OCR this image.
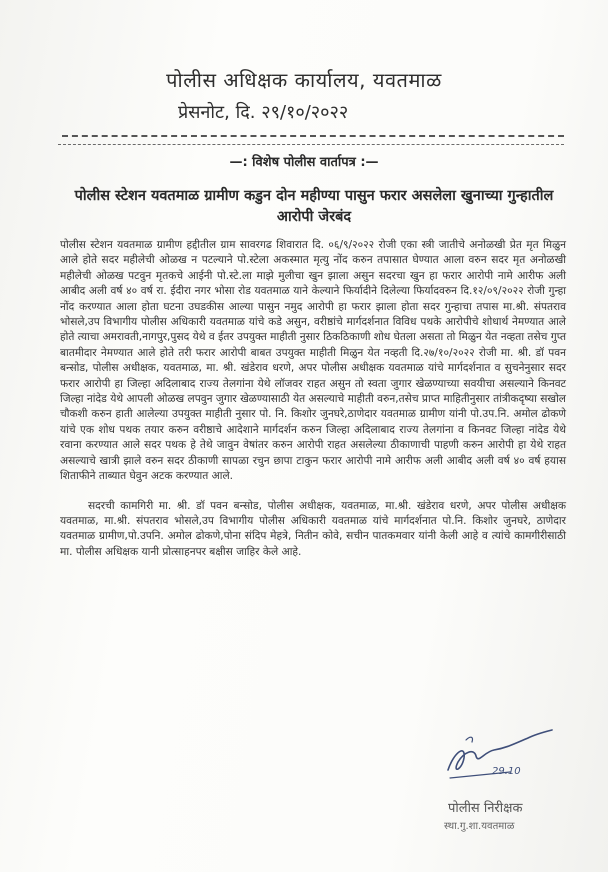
पोलीस अधिक्षक कार्यालय, यवतमाळ
प्रेसनोट, दि. २९/१०/२०२२
—: विशेष पोलीस वार्तापत्र :—
पोलीस स्टेशन यवतमाळ ग्रामीण कडुन दोन महीण्या पासुन फरार असलेला खुनाच्या गुन्हातील आरोपी जेरबंद

पोलीस स्टेशन यवतमाळ ग्रामीण हद्दीतील ग्राम सावरगढ शिवारात दि. ०६/९/२०२२ रोजी एका स्त्री जातीचे अनोळखी प्रेत मृत मिळुन आले होते सदर महीलेची ओळख न पटल्याने पो.स्टेला अकस्मात मृत्यु नोंद करुन तपासात घेण्यात आला वरुन सदर मृत अनोळखी महीलेची ओळख पटवुन मृतकचे आईनी पो.स्टे.ला माझे मुलीचा खुन झाला असुन सदरचा खुन हा फरार आरोपी नामे आरीफ अली आबीद अली वर्ष ४० वर्ष रा. ईदीरा नगर भोसा रोड यवतमाळ याने केल्याने फिर्यादीने दिलेल्या फिर्यादवरुन दि.१२/०९/२०२२ रोजी गुन्हा नोंद करण्यात आला होता घटना उघडकीस आल्या पासुन नमुद आरोपी हा फरार झाला होता सदर गुन्हाचा तपास मा.श्री. संपतराव भोसले,उप विभागीय पोलीस अधिकारी यवतमाळ यांचे कडे असुन, वरीष्ठांचे मार्गदर्शनात विविध पथके आरोपीचे शोधार्थ नेमण्यात आले होते त्याचा अमरावती,नागपुर,पुसद येथे व ईतर उपयुक्त माहीती नुसार ठिकठिकाणी शोध घेतला असता तो मिळुन येत नव्हता तसेच गुप्त बातमीदार नेमण्यात आले होते तरी फरार आरोपी बाबत उपयुक्त माहीती मिळुन येत नव्हती दि.२७/१०/२०२२ रोजी मा. श्री. डॉ पवन बन्सोड, पोलीस अधीक्षक, यवतमाळ, मा. श्री. खंडेराव धरणे, अपर पोलीस अधीक्षक यवतमाळ यांचे मार्गदर्शनात व सुचनेनुसार सदर फरार आरोपी हा जिल्हा अदिलाबाद राज्य तेलगांना येथे लॉजवर राहत असुन तो स्वता जुगार खेळण्याच्या सवयीचा असल्याने किनवट जिल्हा नांदेड येथे आपली ओळख लपवुन जुगार खेळण्यासाठी येत असल्याचे माहीती वरुन,तसेच प्राप्त माहितीनुसार तांत्रीकदृष्या सखोल चौकशी करुन हाती आलेल्या उपयुक्त माहीती नुसार पो. नि. किशोर जुनघरे,ठाणेदार यवतमाळ ग्रामीण यांनी पो.उप.नि. अमोल ढोकणे यांचे एक शोध पथक तयार करुन वरीष्ठाचे आदेशाने मार्गदर्शन करुन जिल्हा अदिलाबाद राज्य तेलगांना व किनवट जिल्हा नांदेड येथे रवाना करण्यात आले सदर पथक हे तेथे जावुन वेषांतर करुन आरोपी राहत असलेल्या ठीकाणाची पाहणी करुन आरोपी हा येथे राहत असल्याचे खात्री झाले वरुन सदर ठीकाणी सापळा रचुन छापा टाकुन फरार आरोपी नामे आरीफ अली आबीद अली वर्ष ४० वर्ष हयास शिताफीने ताब्यात घेवुन अटक करण्यात आले.

सदरची कामगिरी मा. श्री. डॉ पवन बन्सोड, पोलीस अधीक्षक, यवतमाळ, मा.श्री. खंडेराव धरणे, अपर पोलीस अधीक्षक यवतमाळ, मा.श्री. संपतराव भोसले,उप विभागीय पोलीस अधिकारी यवतमाळ यांचे मार्गदर्शनात पो.नि. किशोर जुनघरे, ठाणेदार यवतमाळ ग्रामीण,पो.उपनि. अमोल ढोकणे,पोना संदिप मेहत्रे, नितीन कोवे, सचीन पातकमवार यांनी केली आहे व त्यांचे कामगीरीसाठी मा. पोलीस अधिक्षक यानी प्रोत्साहनपर बक्षीस जाहिर केले आहे.

29.10
पोलीस निरीक्षक
स्था.गु.शा.यवतमाळ
